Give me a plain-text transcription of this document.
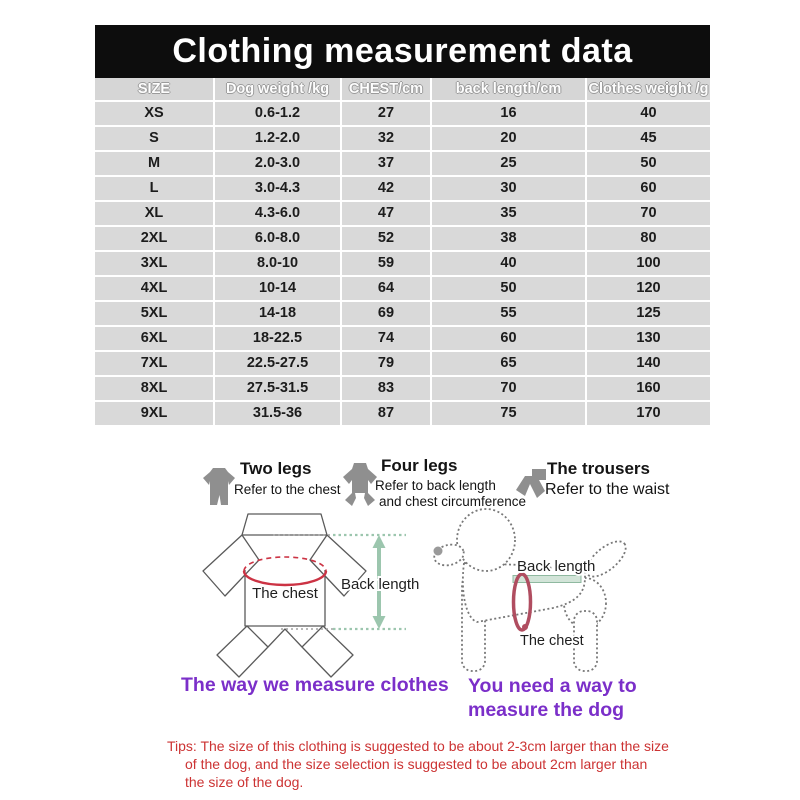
Clothing measurement data
SIZE	Dog weight /kg	CHEST/cm	back length/cm	Clothes weight /g
XS	0.6-1.2	27	16	40
S	1.2-2.0	32	20	45
M	2.0-3.0	37	25	50
L	3.0-4.3	42	30	60
XL	4.3-6.0	47	35	70
2XL	6.0-8.0	52	38	80
3XL	8.0-10	59	40	100
4XL	10-14	64	50	120
5XL	14-18	69	55	125
6XL	18-22.5	74	60	130
7XL	22.5-27.5	79	65	140
8XL	27.5-31.5	83	70	160
9XL	31.5-36	87	75	170
Two legs
Refer to the chest
Four legs
Refer to back length
and chest circumference
The trousers
Refer to the waist
The chest
Back length
Back length
The chest
The way we measure clothes You need a way to
measure the dog
Tips: The size of this clothing is suggested to be about 2-3cm larger than the size
of the dog, and the size selection is suggested to be about 2cm larger than
the size of the dog.
